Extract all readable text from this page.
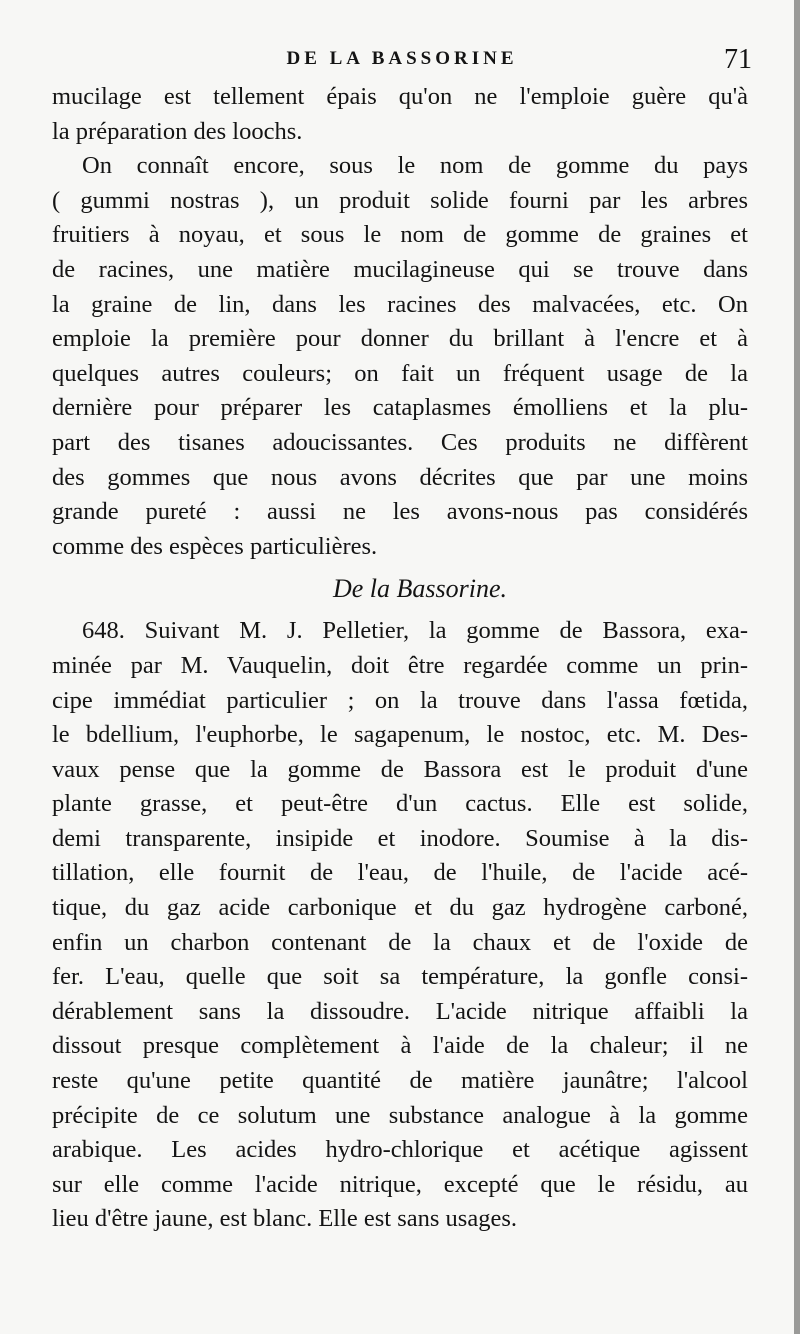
DE LA BASSORINE	71
mucilage est tellement épais qu'on ne l'emploie guère qu'à
la préparation des loochs.
On connaît encore, sous le nom de gomme du pays
( gummi nostras ), un produit solide fourni par les arbres
fruitiers à noyau, et sous le nom de gomme de graines et
de racines, une matière mucilagineuse qui se trouve dans
la graine de lin, dans les racines des malvacées, etc. On
emploie la première pour donner du brillant à l'encre et à
quelques autres couleurs; on fait un fréquent usage de la
dernière pour préparer les cataplasmes émolliens et la plu-
part des tisanes adoucissantes. Ces produits ne diffèrent
des gommes que nous avons décrites que par une moins
grande pureté : aussi ne les avons-nous pas considérés
comme des espèces particulières.
De la Bassorine.
648. Suivant M. J. Pelletier, la gomme de Bassora, exa-
minée par M. Vauquelin, doit être regardée comme un prin-
cipe immédiat particulier ; on la trouve dans l'assa fœtida,
le bdellium, l'euphorbe, le sagapenum, le nostoc, etc. M. Des-
vaux pense que la gomme de Bassora est le produit d'une
plante grasse, et peut-être d'un cactus. Elle est solide,
demi transparente, insipide et inodore. Soumise à la dis-
tillation, elle fournit de l'eau, de l'huile, de l'acide acé-
tique, du gaz acide carbonique et du gaz hydrogène carboné,
enfin un charbon contenant de la chaux et de l'oxide de
fer. L'eau, quelle que soit sa température, la gonfle consi-
dérablement sans la dissoudre. L'acide nitrique affaibli la
dissout presque complètement à l'aide de la chaleur; il ne
reste qu'une petite quantité de matière jaunâtre; l'alcool
précipite de ce solutum une substance analogue à la gomme
arabique. Les acides hydro-chlorique et acétique agissent
sur elle comme l'acide nitrique, excepté que le résidu, au
lieu d'être jaune, est blanc. Elle est sans usages.
